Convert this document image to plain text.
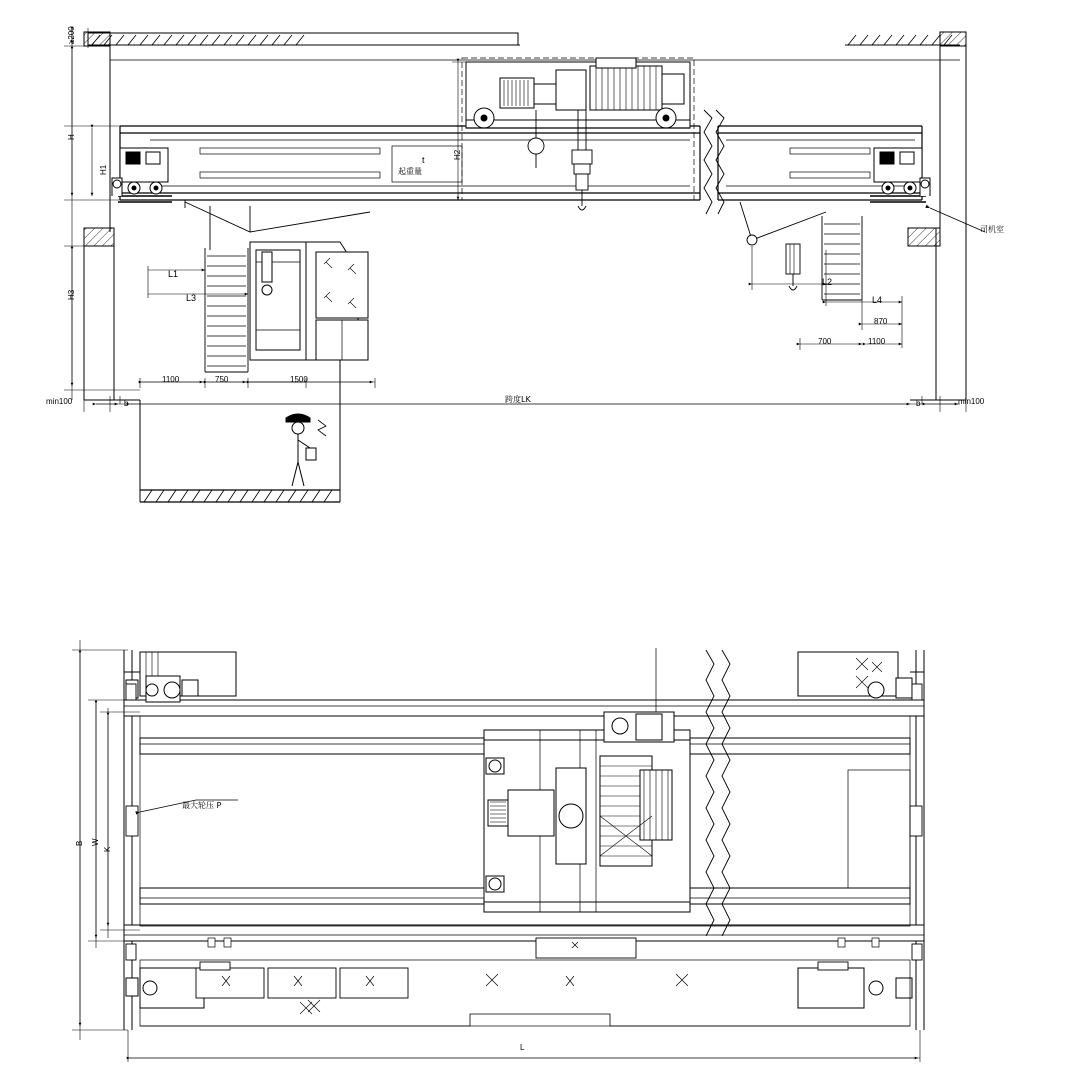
≥200
H
H1
H3
H2
min100	min100
b	b
跨度LK
1100	750	1500
700	1100
870
L1
L3
L2
L4
t
起重量
司机室
B W
K
L
最大轮压 P
